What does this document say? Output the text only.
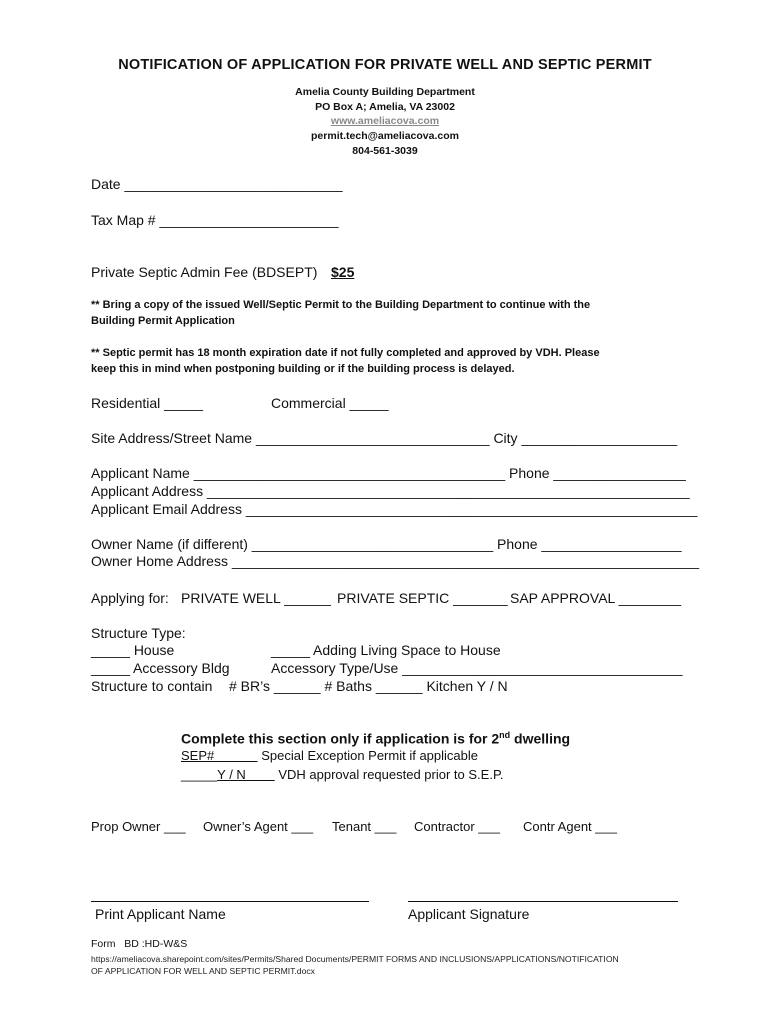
NOTIFICATION OF APPLICATION FOR PRIVATE WELL AND SEPTIC PERMIT
Amelia County Building Department
PO Box A; Amelia, VA 23002
www.ameliacova.com
permit.tech@ameliacova.com
804-561-3039
Date ____________________________
Tax Map # _______________________
Private Septic Admin Fee (BDSEPT) $25
** Bring a copy of the issued Well/Septic Permit to the Building Department to continue with the
Building Permit Application
** Septic permit has 18 month expiration date if not fully completed and approved by VDH. Please
keep this in mind when postponing building or if the building process is delayed.
Residential _____	Commercial _____
Site Address/Street Name ______________________________ City ____________________
Applicant Name ________________________________________ Phone _________________
Applicant Address ______________________________________________________________
Applicant Email Address __________________________________________________________
Owner Name (if different) _______________________________ Phone __________________
Owner Home Address ____________________________________________________________
Applying for: PRIVATE WELL ______ PRIVATE SEPTIC _______ SAP APPROVAL ________
Structure Type:
_____ House	_____ Adding Living Space to House
_____ Accessory Bldg	Accessory Type/Use ____________________________________
Structure to contain # BR’s ______ # Baths ______ Kitchen Y / N
Complete this section only if application is for 2nd dwelling
SEP#             Special Exception Permit if applicable
_____Y / N         VDH approval requested prior to S.E.P.
Prop Owner ___ Owner’s Agent ___ Tenant ___ Contractor ___ Contr Agent ___
Print Applicant Name	Applicant Signature
Form   BD :HD-W&S
https://ameliacova.sharepoint.com/sites/Permits/Shared Documents/PERMIT FORMS AND INCLUSIONS/APPLICATIONS/NOTIFICATION
OF APPLICATION FOR WELL AND SEPTIC PERMIT.docx
